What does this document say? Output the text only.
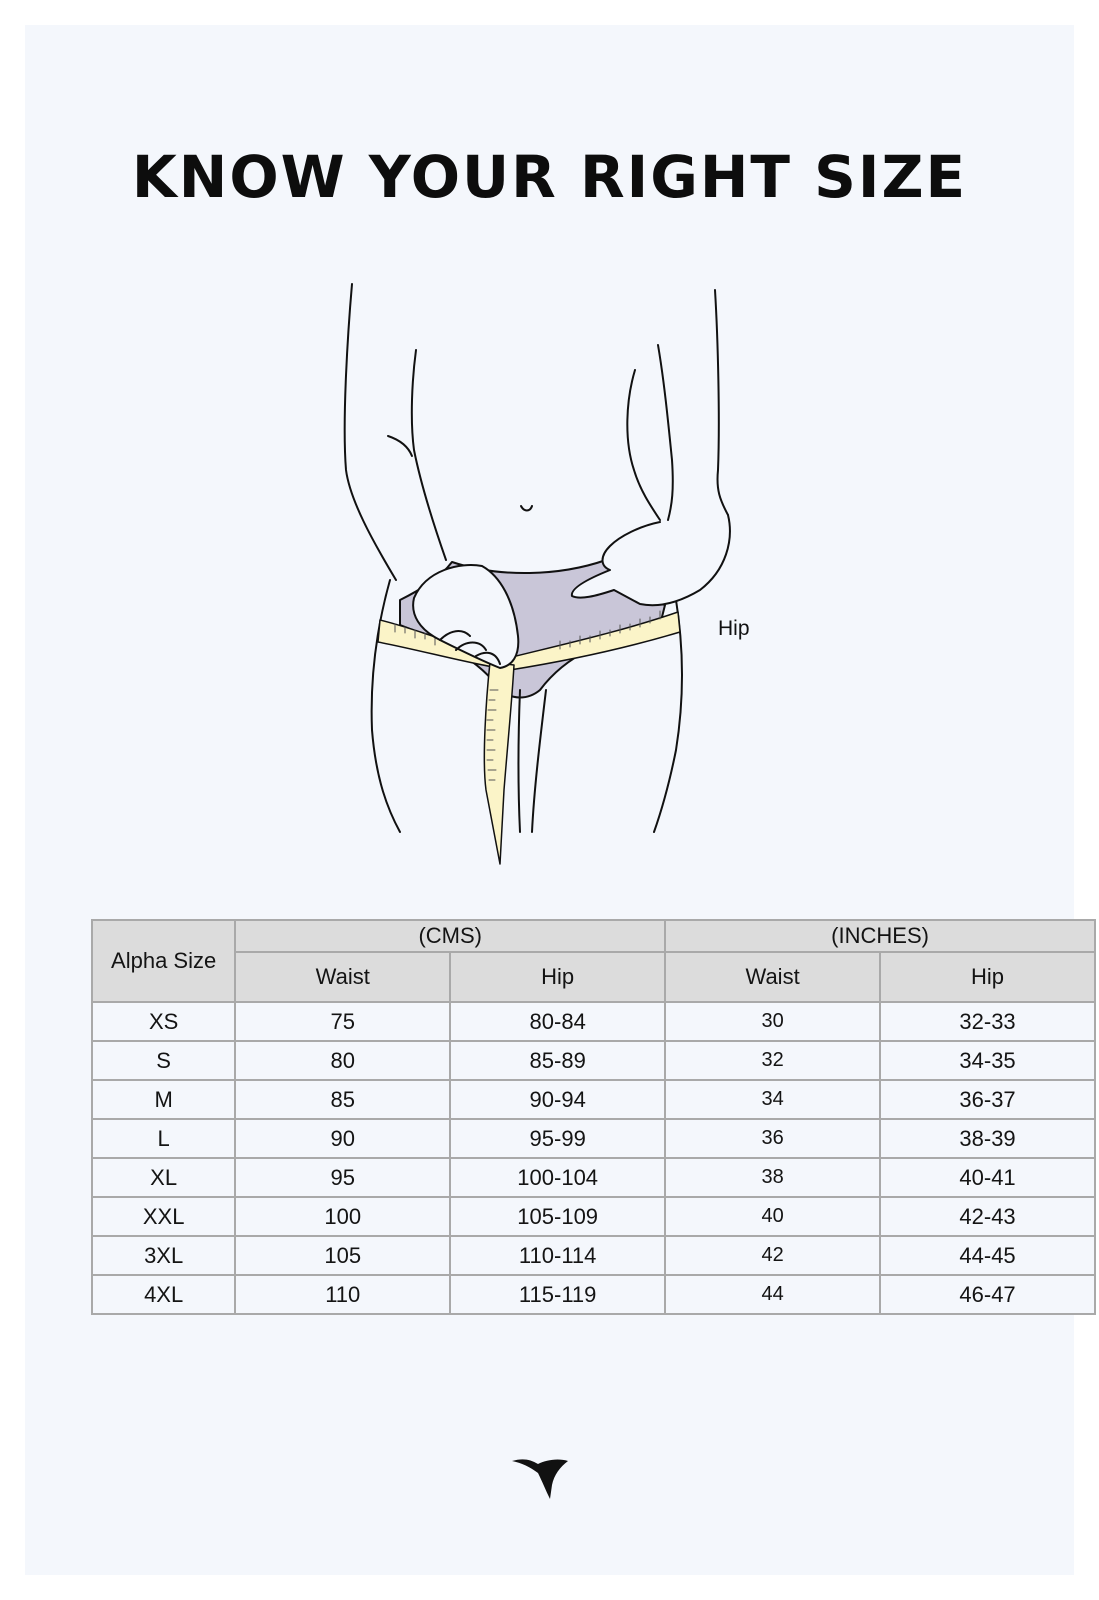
KNOW YOUR RIGHT SIZE
Hip
Alpha Size	(CMS)		(INCHES)	
	Waist	Hip	Waist	Hip
XS	75	80-84	30	32-33
S	80	85-89	32	34-35
M	85	90-94	34	36-37
L	90	95-99	36	38-39
XL	95	100-104	38	40-41
XXL	100	105-109	40	42-43
3XL	105	110-114	42	44-45
4XL	110	115-119	44	46-47
